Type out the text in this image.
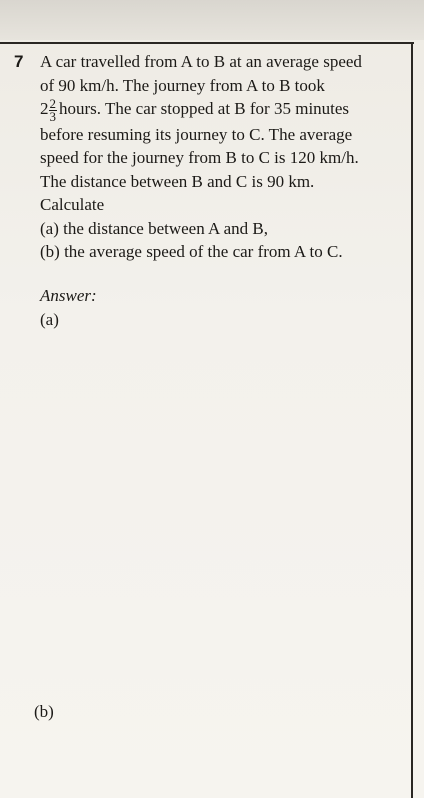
7 A car travelled from A to B at an average speed
of 90 km/h. The journey from A to B took
$2 \frac{2}{3}$ hours. The car stopped at B for 35 minutes
before resuming its journey to C. The average
speed for the journey from B to C is 120 km/h.
The distance between B and C is 90 km.
Calculate
(a) the distance between A and B,
(b) the average speed of the car from A to C.
Answer:
(a)
(b)
